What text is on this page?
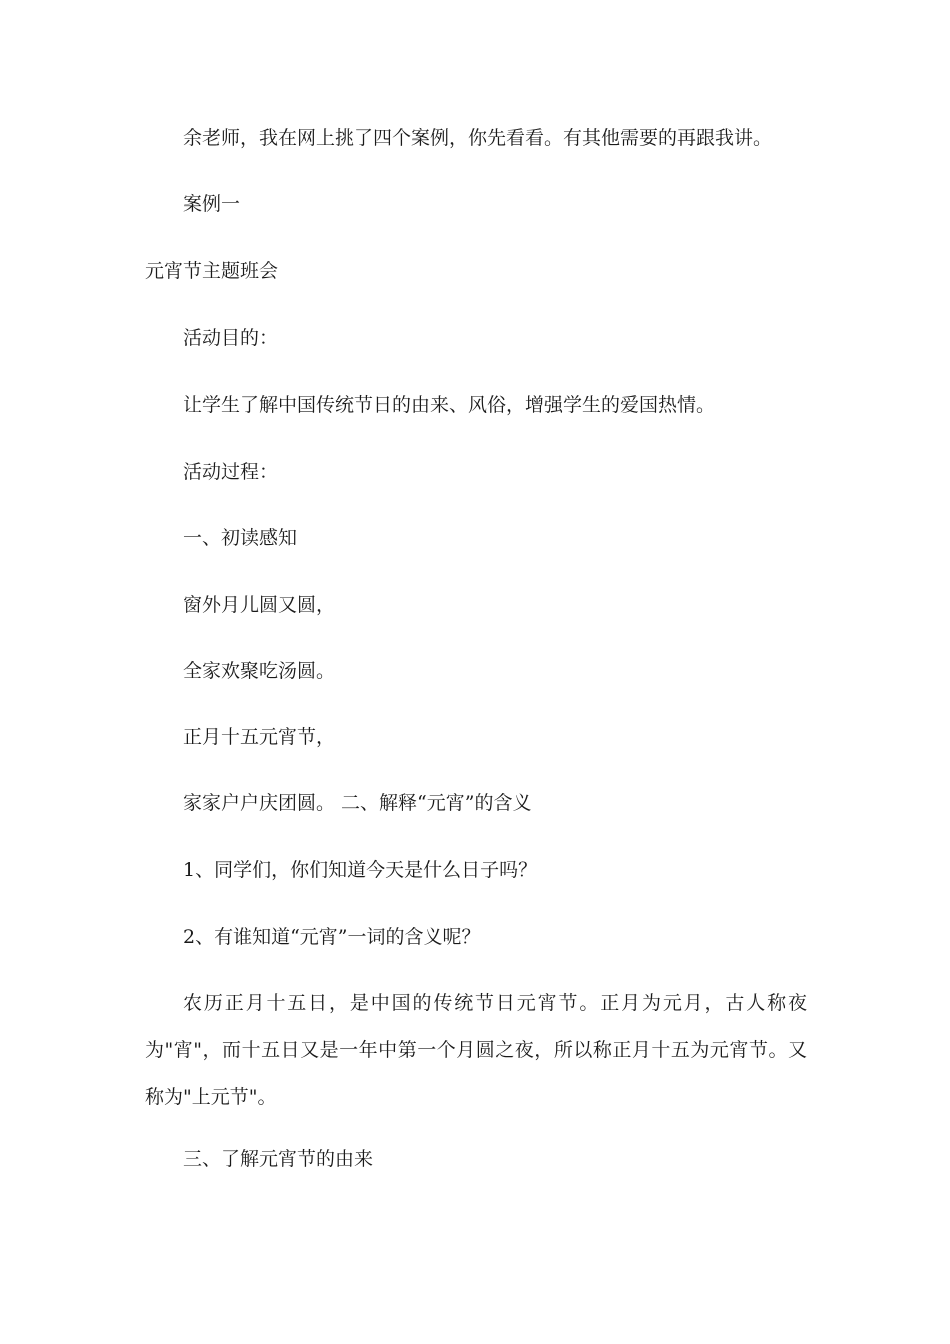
余老师，我在网上挑了四个案例，你先看看。有其他需要的再跟我讲。

案例一

元宵节主题班会

活动目的：

让学生了解中国传统节日的由来、风俗，增强学生的爱国热情。

活动过程：

一、初读感知

窗外月儿圆又圆，

全家欢聚吃汤圆。

正月十五元宵节，

家家户户庆团圆。 二、解释“元宵”的含义

1、同学们，你们知道今天是什么日子吗？

2、有谁知道“元宵”一词的含义呢？

农历正月十五日，是中国的传统节日元宵节。正月为元月，古人称夜为"宵"，而十五日又是一年中第一个月圆之夜，所以称正月十五为元宵节。又称为"上元节"。

三、了解元宵节的由来
